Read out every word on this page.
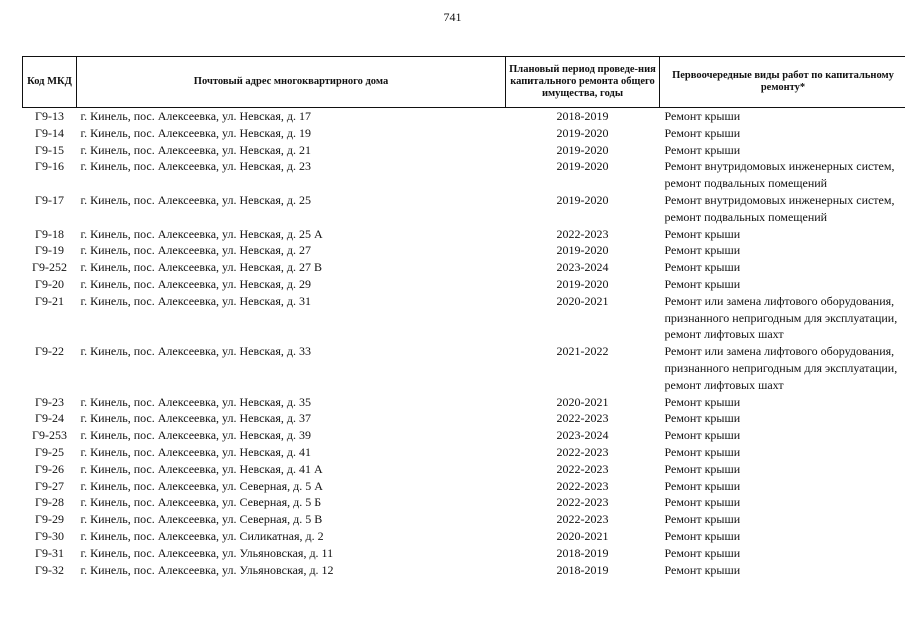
741
Код МКД	Почтовый адрес многоквартирного дома	Плановый период проведе-ния капитального ремонта общего имущества, годы	Первоочередные виды работ по капитальному ремонту*
Г9-13	г. Кинель, пос. Алексеевка, ул. Невская, д. 17	2018-2019	Ремонт крыши

Г9-14	г. Кинель, пос. Алексеевка, ул. Невская, д. 19	2019-2020	Ремонт крыши

Г9-15	г. Кинель, пос. Алексеевка, ул. Невская, д. 21	2019-2020	Ремонт крыши

Г9-16	г. Кинель, пос. Алексеевка, ул. Невская, д. 23	2019-2020	Ремонт внутридомовых инженерных систем,
ремонт подвальных помещений

Г9-17	г. Кинель, пос. Алексеевка, ул. Невская, д. 25	2019-2020	Ремонт внутридомовых инженерных систем,
ремонт подвальных помещений

Г9-18	г. Кинель, пос. Алексеевка, ул. Невская, д. 25 А	2022-2023	Ремонт крыши

Г9-19	г. Кинель, пос. Алексеевка, ул. Невская, д. 27	2019-2020	Ремонт крыши

Г9-252	г. Кинель, пос. Алексеевка, ул. Невская, д. 27 В	2023-2024	Ремонт крыши

Г9-20	г. Кинель, пос. Алексеевка, ул. Невская, д. 29	2019-2020	Ремонт крыши

Г9-21	г. Кинель, пос. Алексеевка, ул. Невская, д. 31	2020-2021	Ремонт или замена лифтового оборудования,
признанного непригодным для эксплуатации,
ремонт лифтовых шахт

Г9-22	г. Кинель, пос. Алексеевка, ул. Невская, д. 33	2021-2022	Ремонт или замена лифтового оборудования,
признанного непригодным для эксплуатации,
ремонт лифтовых шахт

Г9-23	г. Кинель, пос. Алексеевка, ул. Невская, д. 35	2020-2021	Ремонт крыши

Г9-24	г. Кинель, пос. Алексеевка, ул. Невская, д. 37	2022-2023	Ремонт крыши

Г9-253	г. Кинель, пос. Алексеевка, ул. Невская, д. 39	2023-2024	Ремонт крыши

Г9-25	г. Кинель, пос. Алексеевка, ул. Невская, д. 41	2022-2023	Ремонт крыши

Г9-26	г. Кинель, пос. Алексеевка, ул. Невская, д. 41 А	2022-2023	Ремонт крыши

Г9-27	г. Кинель, пос. Алексеевка, ул. Северная, д. 5 А	2022-2023	Ремонт крыши

Г9-28	г. Кинель, пос. Алексеевка, ул. Северная, д. 5 Б	2022-2023	Ремонт крыши

Г9-29	г. Кинель, пос. Алексеевка, ул. Северная, д. 5 В	2022-2023	Ремонт крыши

Г9-30	г. Кинель, пос. Алексеевка, ул. Силикатная, д. 2	2020-2021	Ремонт крыши

Г9-31	г. Кинель, пос. Алексеевка, ул. Ульяновская, д. 11	2018-2019	Ремонт крыши

Г9-32	г. Кинель, пос. Алексеевка, ул. Ульяновская, д. 12	2018-2019	Ремонт крыши
